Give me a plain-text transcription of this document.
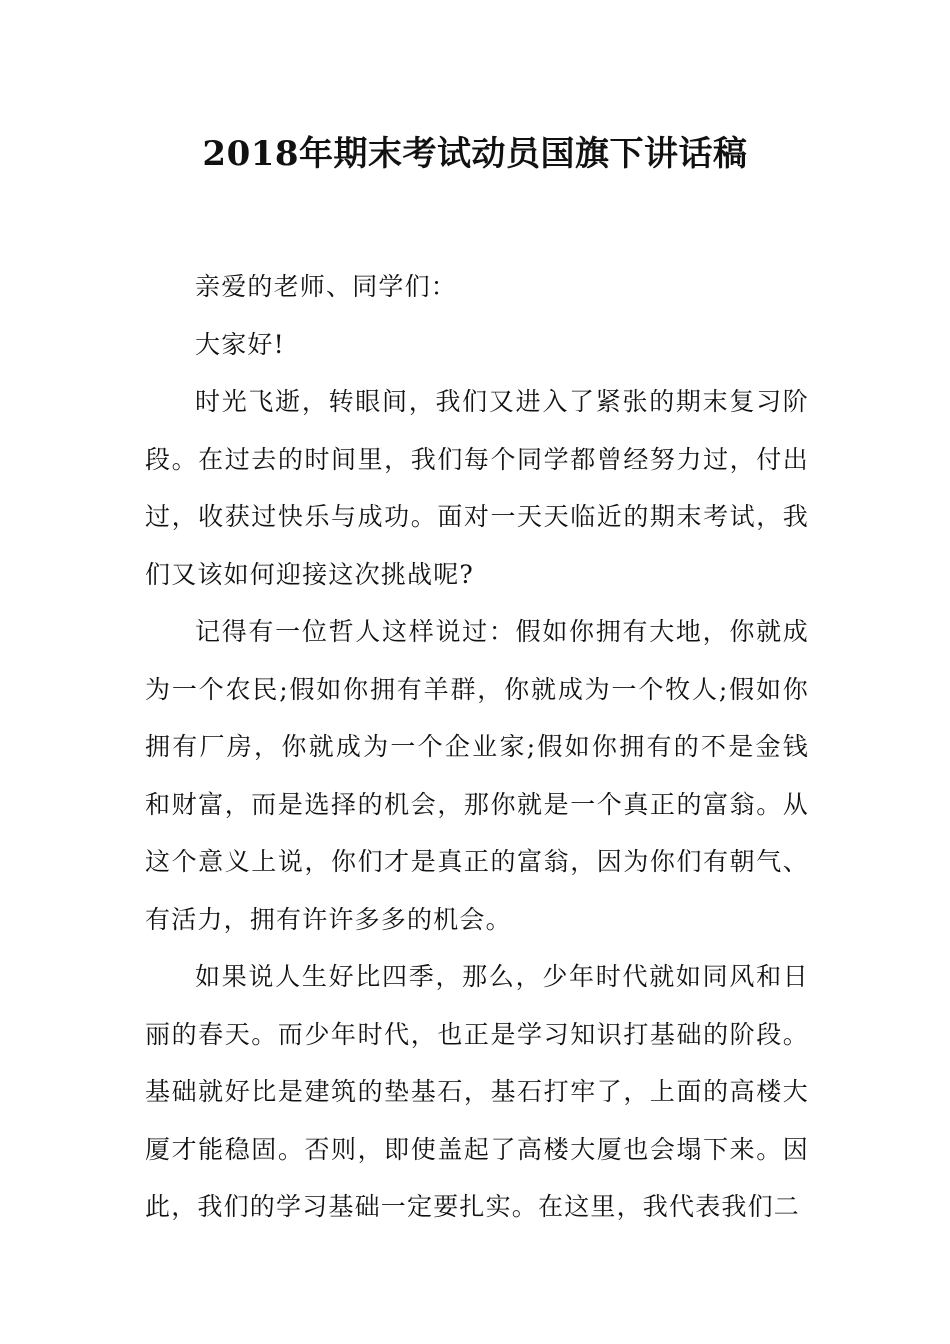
2018年期末考试动员国旗下讲话稿

亲爱的老师、同学们：

大家好!

时光飞逝，转眼间，我们又进入了紧张的期末复习阶段。在过去的时间里，我们每个同学都曾经努力过，付出过，收获过快乐与成功。面对一天天临近的期末考试，我们又该如何迎接这次挑战呢?

记得有一位哲人这样说过：假如你拥有大地，你就成为一个农民;假如你拥有羊群，你就成为一个牧人;假如你拥有厂房，你就成为一个企业家;假如你拥有的不是金钱和财富，而是选择的机会，那你就是一个真正的富翁。从这个意义上说，你们才是真正的富翁，因为你们有朝气、有活力，拥有许许多多的机会。

如果说人生好比四季，那么，少年时代就如同风和日丽的春天。而少年时代，也正是学习知识打基础的阶段。基础就好比是建筑的垫基石，基石打牢了，上面的高楼大厦才能稳固。否则，即使盖起了高楼大厦也会塌下来。因此，我们的学习基础一定要扎实。在这里，我代表我们二
